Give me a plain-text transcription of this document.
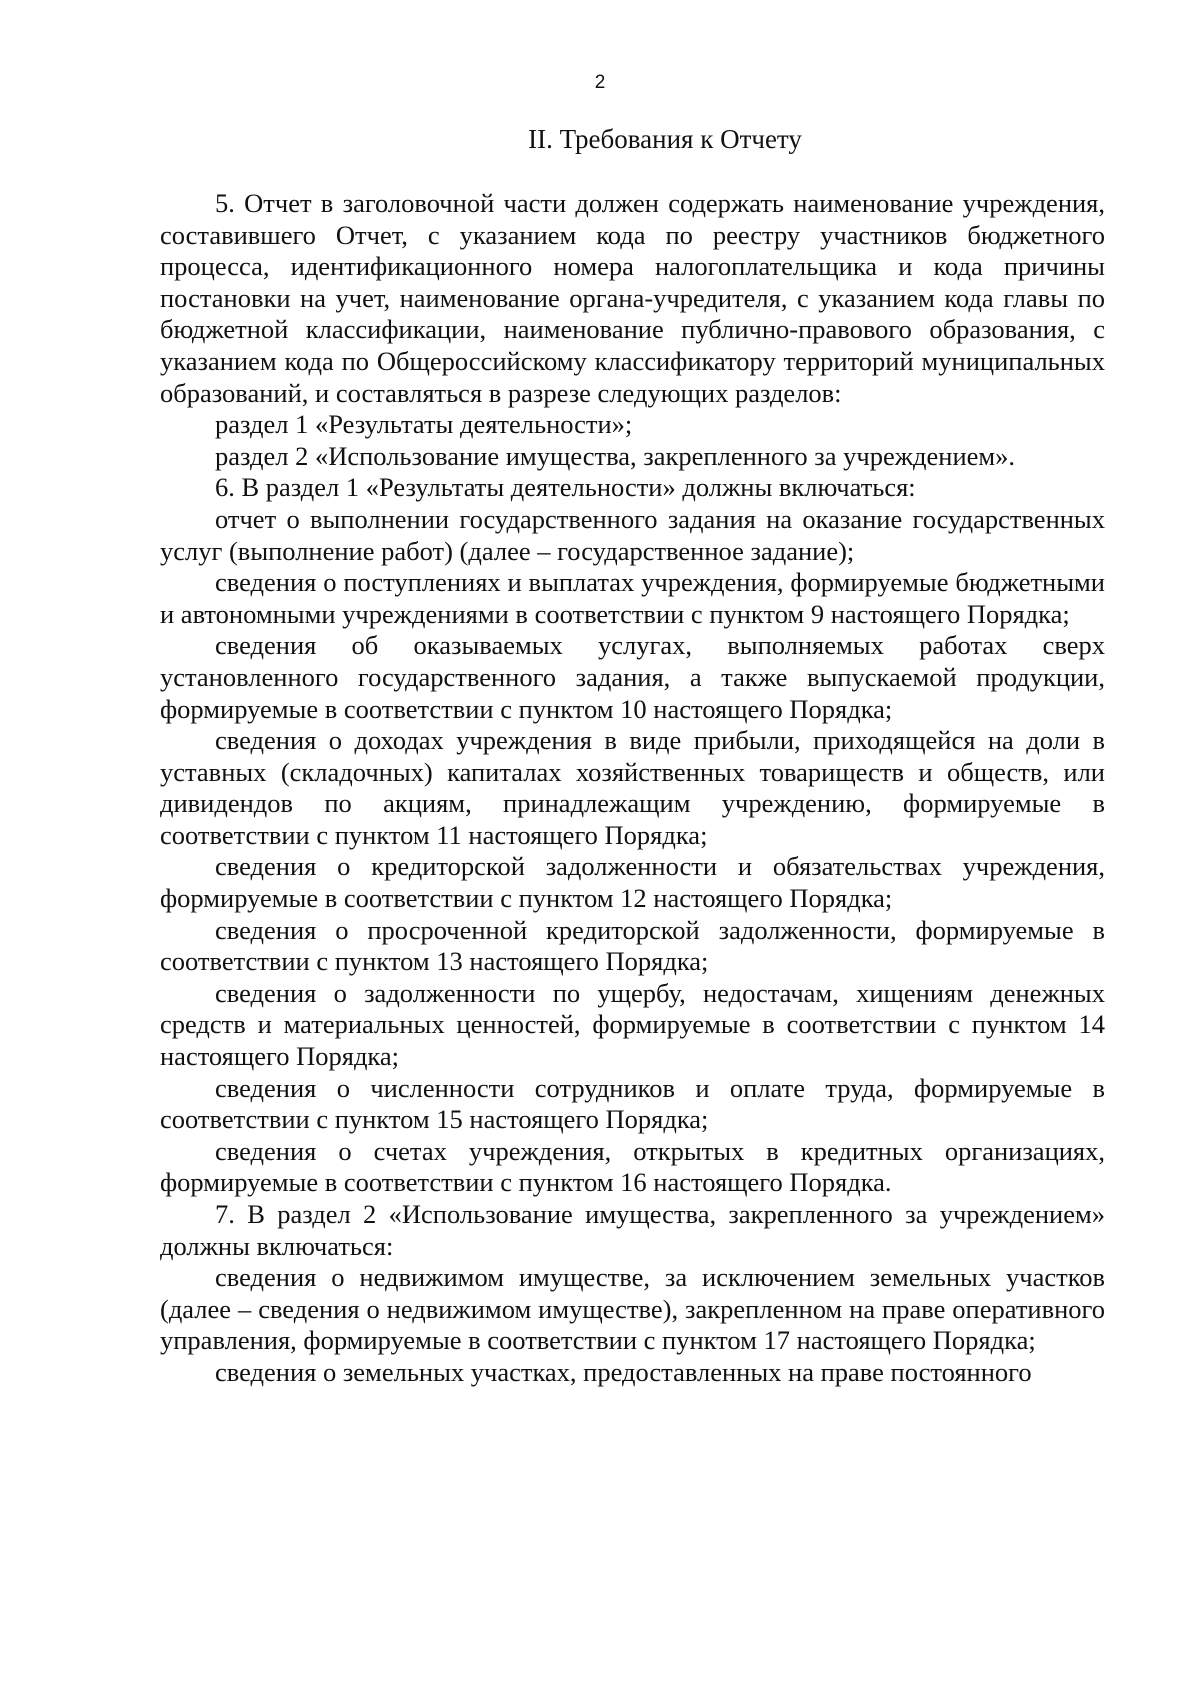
2
II. Требования к Отчету

5. Отчет в заголовочной части должен содержать наименование учреждения, составившего Отчет, с указанием кода по реестру участников бюджетного процесса, идентификационного номера налогоплательщика и кода причины постановки на учет, наименование органа-учредителя, с указанием кода главы по бюджетной классификации, наименование публично-правового образования, с указанием кода по Общероссийскому классификатору территорий муниципальных образований, и составляться в разрезе следующих разделов:

раздел 1 «Результаты деятельности»;

раздел 2 «Использование имущества, закрепленного за учреждением».

6. В раздел 1 «Результаты деятельности» должны включаться:

отчет о выполнении государственного задания на оказание государственных услуг (выполнение работ) (далее – государственное задание);

сведения о поступлениях и выплатах учреждения, формируемые бюджетными и автономными учреждениями в соответствии с пунктом 9 настоящего Порядка;

сведения об оказываемых услугах, выполняемых работах сверх установленного государственного задания, а также выпускаемой продукции, формируемые в соответствии с пунктом 10 настоящего Порядка;

сведения о доходах учреждения в виде прибыли, приходящейся на доли в уставных (складочных) капиталах хозяйственных товариществ и обществ, или дивидендов по акциям, принадлежащим учреждению, формируемые в соответствии с пунктом 11 настоящего Порядка;

сведения о кредиторской задолженности и обязательствах учреждения, формируемые в соответствии с пунктом 12 настоящего Порядка;

сведения о просроченной кредиторской задолженности, формируемые в соответствии с пунктом 13 настоящего Порядка;

сведения о задолженности по ущербу, недостачам, хищениям денежных средств и материальных ценностей, формируемые в соответствии с пунктом 14 настоящего Порядка;

сведения о численности сотрудников и оплате труда, формируемые в соответствии с пунктом 15 настоящего Порядка;

сведения о счетах учреждения, открытых в кредитных организациях, формируемые в соответствии с пунктом 16 настоящего Порядка.

7. В раздел 2 «Использование имущества, закрепленного за учреждением» должны включаться:

сведения о недвижимом имуществе, за исключением земельных участков (далее – сведения о недвижимом имуществе), закрепленном на праве оперативного управления, формируемые в соответствии с пунктом 17 настоящего Порядка;

сведения о земельных участках, предоставленных на праве постоянного
